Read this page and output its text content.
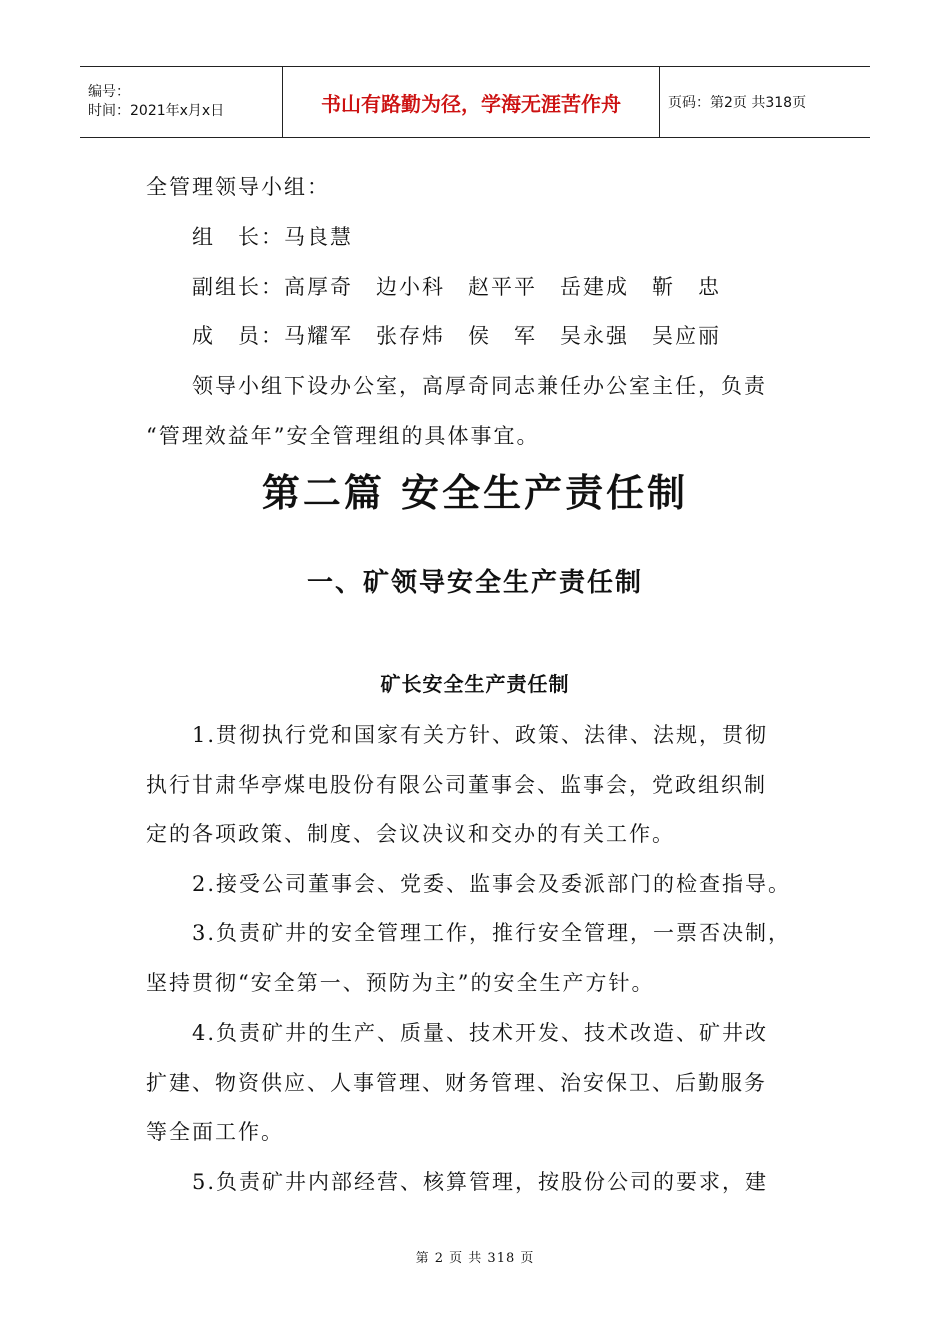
编号：
时间：2021年x月x日	书山有路勤为径，学海无涯苦作舟	页码：第2页 共318页
全管理领导小组：
组　长：马良慧
副组长：高厚奇　边小科　赵平平　岳建成　靳　忠
成　员：马耀军　张存炜　侯　军　吴永强　吴应丽
领导小组下设办公室，高厚奇同志兼任办公室主任，负责
“管理效益年”安全管理组的具体事宜。
第二篇 安全生产责任制
一、矿领导安全生产责任制
矿长安全生产责任制
1.贯彻执行党和国家有关方针、政策、法律、法规，贯彻
执行甘肃华亭煤电股份有限公司董事会、监事会，党政组织制
定的各项政策、制度、会议决议和交办的有关工作。
2.接受公司董事会、党委、监事会及委派部门的检查指导。
3.负责矿井的安全管理工作，推行安全管理，一票否决制，
坚持贯彻“安全第一、预防为主”的安全生产方针。
4.负责矿井的生产、质量、技术开发、技术改造、矿井改
扩建、物资供应、人事管理、财务管理、治安保卫、后勤服务
等全面工作。
5.负责矿井内部经营、核算管理，按股份公司的要求，建
第 2 页 共 318 页
